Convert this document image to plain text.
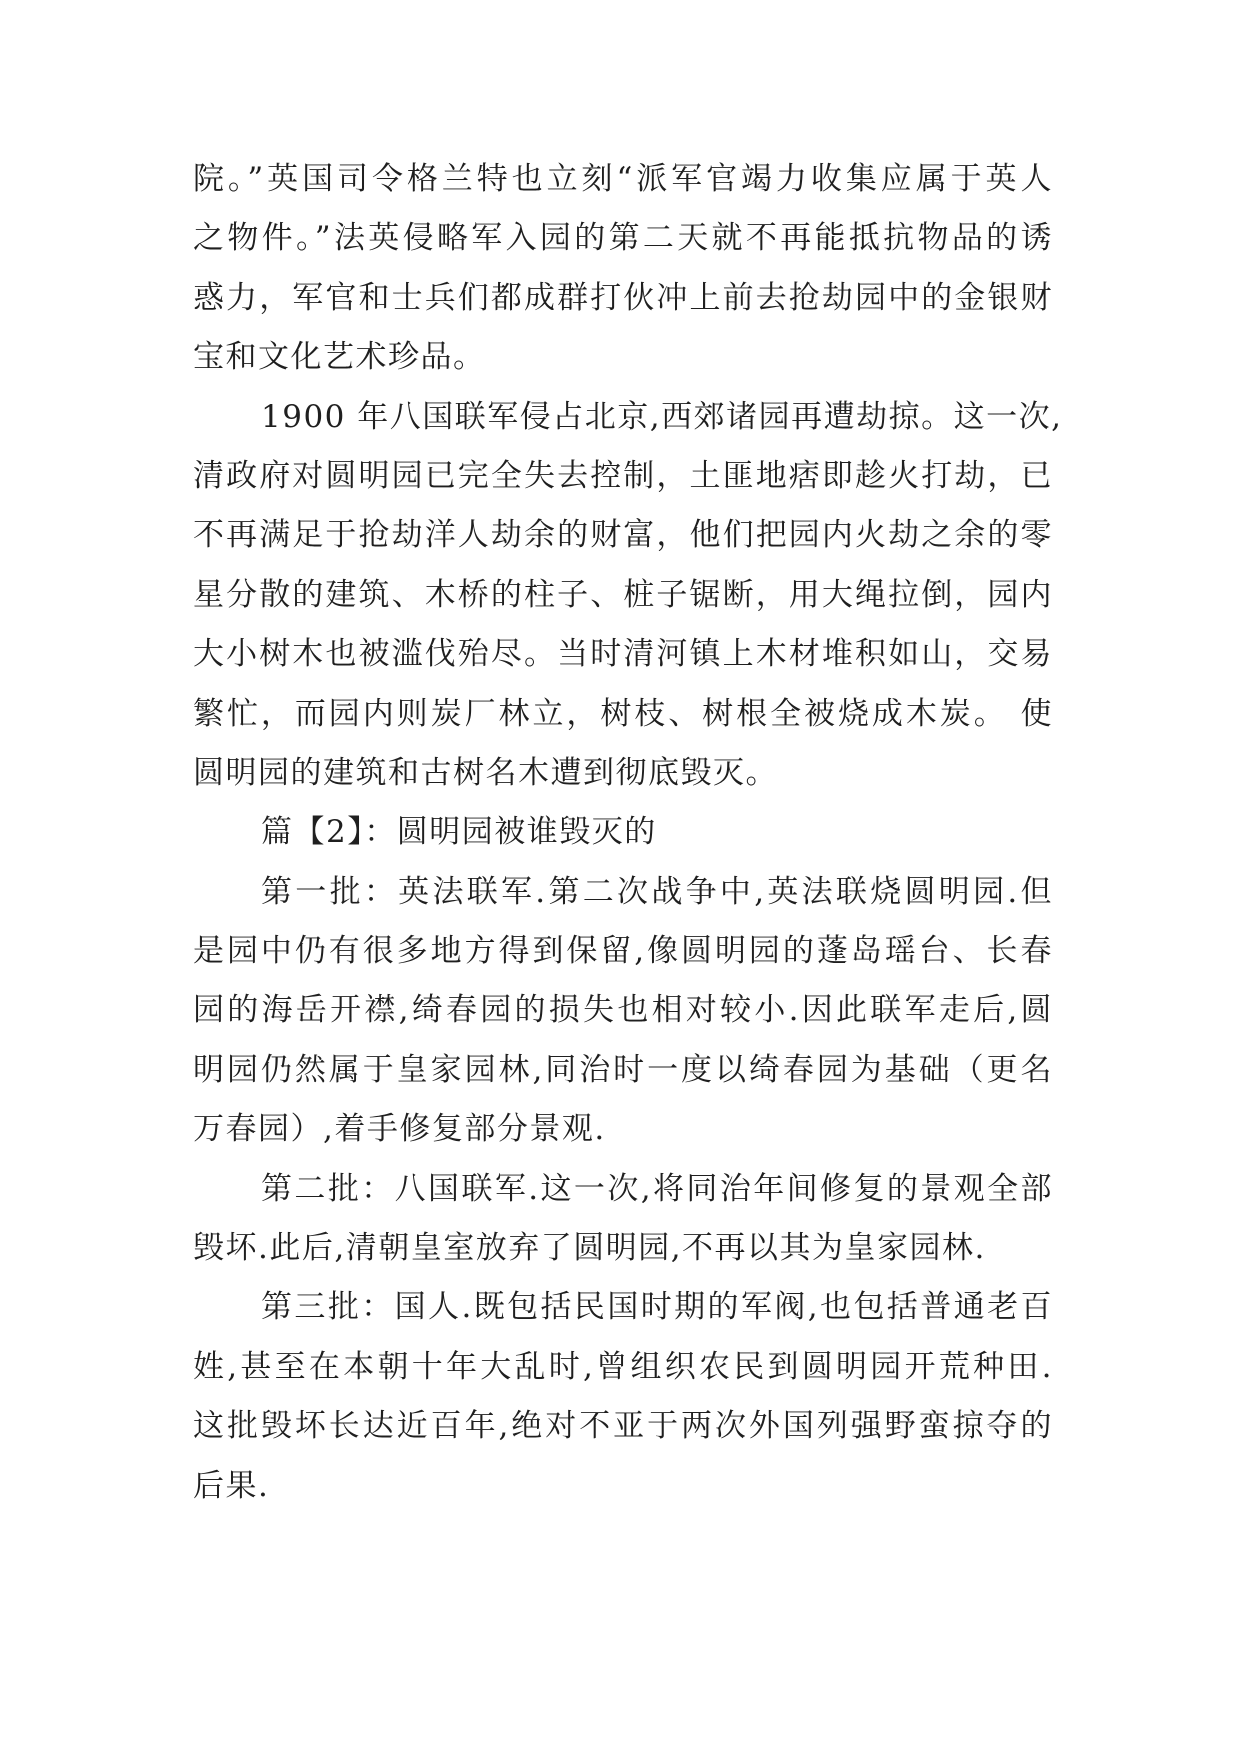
院。”英国司令格兰特也立刻“派军官竭力收集应属于英人
之物件。”法英侵略军入园的第二天就不再能抵抗物品的诱
惑力，军官和士兵们都成群打伙冲上前去抢劫园中的金银财
宝和文化艺术珍品。
1900 年八国联军侵占北京,西郊诸园再遭劫掠。这一次,
清政府对圆明园已完全失去控制，土匪地痞即趁火打劫，已
不再满足于抢劫洋人劫余的财富，他们把园内火劫之余的零
星分散的建筑、木桥的柱子、桩子锯断，用大绳拉倒，园内
大小树木也被滥伐殆尽。当时清河镇上木材堆积如山，交易
繁忙，而园内则炭厂林立，树枝、树根全被烧成木炭。 使
圆明园的建筑和古树名木遭到彻底毁灭。
篇【2】：圆明园被谁毁灭的
第一批：英法联军.第二次战争中,英法联烧圆明园.但
是园中仍有很多地方得到保留,像圆明园的蓬岛瑶台、长春
园的海岳开襟,绮春园的损失也相对较小.因此联军走后,圆
明园仍然属于皇家园林,同治时一度以绮春园为基础（更名
万春园）,着手修复部分景观.
第二批：八国联军.这一次,将同治年间修复的景观全部
毁坏.此后,清朝皇室放弃了圆明园,不再以其为皇家园林.
第三批：国人.既包括民国时期的军阀,也包括普通老百
姓,甚至在本朝十年大乱时,曾组织农民到圆明园开荒种田.
这批毁坏长达近百年,绝对不亚于两次外国列强野蛮掠夺的
后果.
